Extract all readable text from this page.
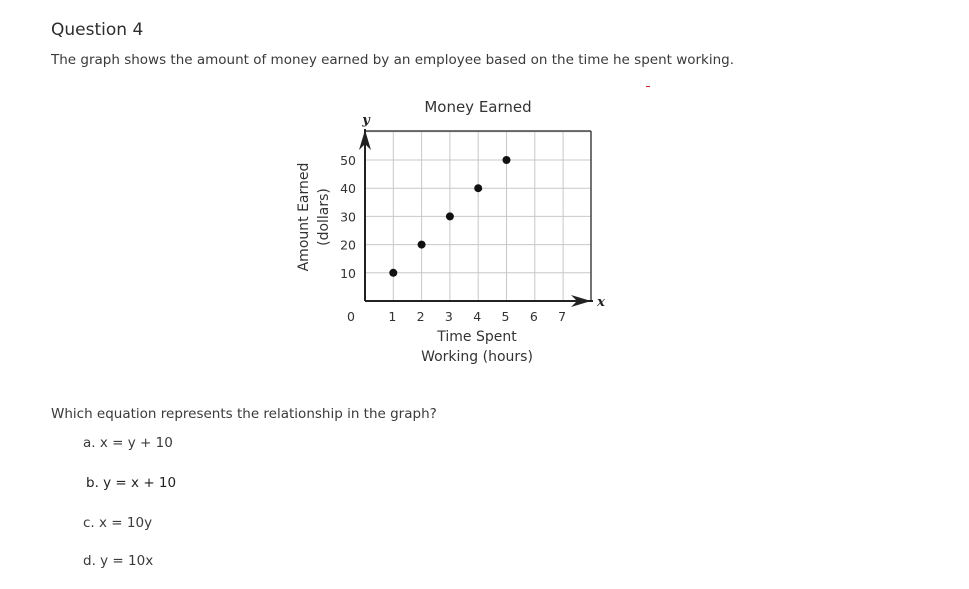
Question 4
The graph shows the amount of money earned by an employee based on the time he spent working.
y
x
Money Earned
10
20
30
40
50
0	1 2 3 4 5 6 7
Time Spent
Working (hours)
Amount Earned (dollars)
Which equation represents the relationship in the graph?
a. x = y + 10
b. y = x + 10
c. x = 10y
d. y = 10x
